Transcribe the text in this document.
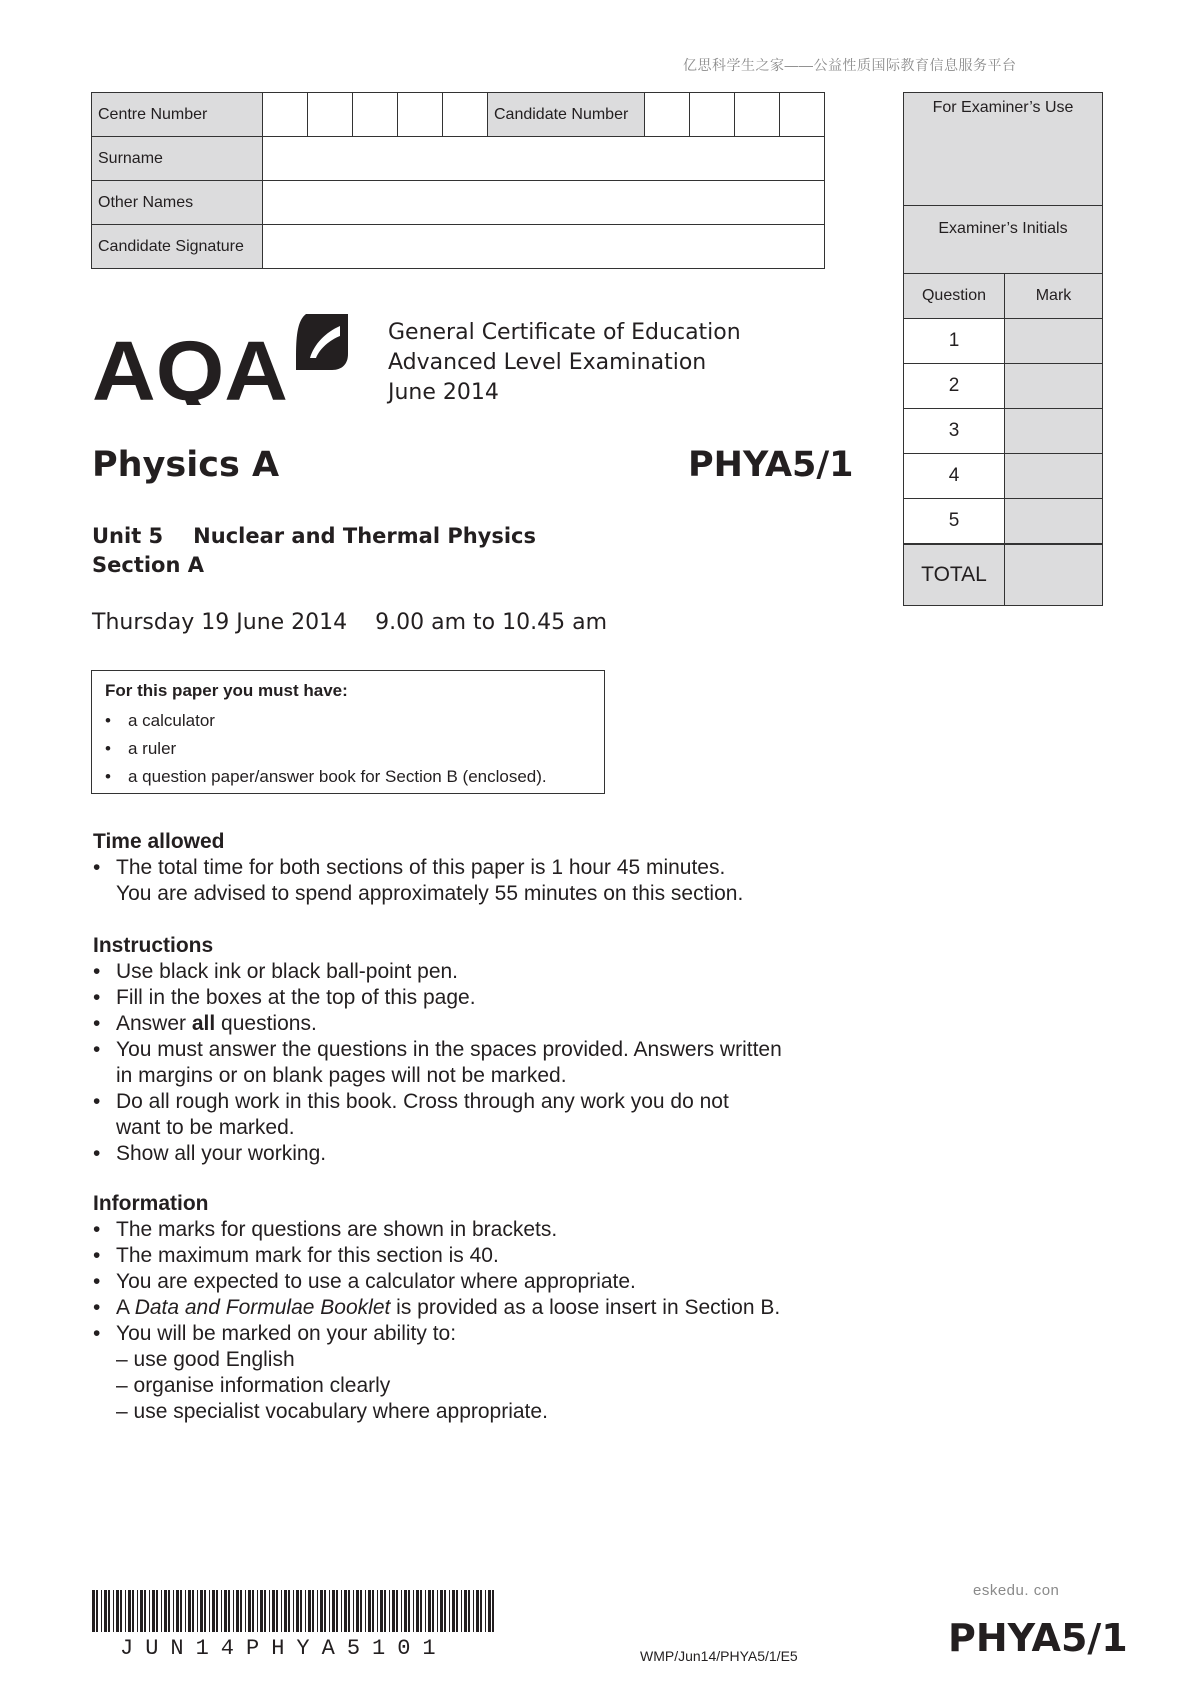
亿思科学生之家——公益性质国际教育信息服务平台
Centre Number						Candidate Number				
Surname										
Other Names										
Candidate Signature										
For Examiner’s Use
Examiner’s Initials
Question	Mark
1	
2	
3	
4	
5	
TOTAL	
AQA	General Certificate of Education
Advanced Level Examination
June 2014
Physics A	PHYA5/1
Unit 5 Nuclear and Thermal Physics
Section A
Thursday 19 June 2014 9.00 am to 10.45 am
For this paper you must have:
• a calculator
• a ruler
• a question paper/answer book for Section B (enclosed).
Time allowed
• The total time for both sections of this paper is 1 hour 45 minutes.
You are advised to spend approximately 55 minutes on this section.
Instructions
• Use black ink or black ball-point pen.
• Fill in the boxes at the top of this page.
• Answer all questions.
• You must answer the questions in the spaces provided. Answers written
in margins or on blank pages will not be marked.
• Do all rough work in this book. Cross through any work you do not
want to be marked.
• Show all your working.
Information
• The marks for questions are shown in brackets.
• The maximum mark for this section is 40.
• You are expected to use a calculator where appropriate.
• A Data and Formulae Booklet is provided as a loose insert in Section B.
• You will be marked on your ability to:
– use good English
– organise information clearly
– use specialist vocabulary where appropriate.
JUN14PHYA5101	WMP/Jun14/PHYA5/1/E5
eskedu. con
PHYA5/1
